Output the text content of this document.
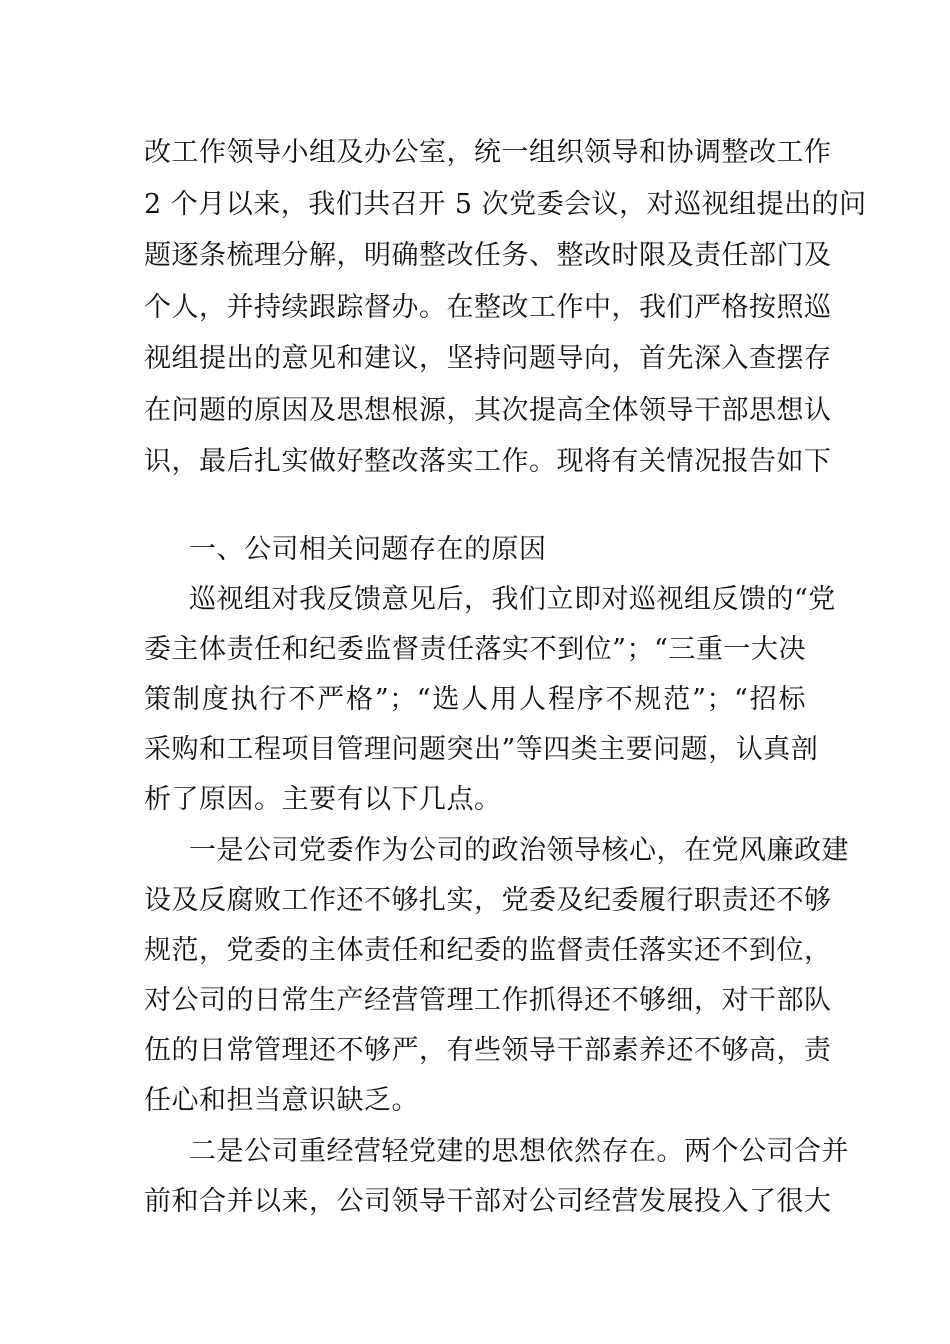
改工作领导小组及办公室，统一组织领导和协调整改工作
2 个月以来，我们共召开 5 次党委会议，对巡视组提出的问
题逐条梳理分解，明确整改任务、整改时限及责任部门及
个人，并持续跟踪督办。在整改工作中，我们严格按照巡
视组提出的意见和建议，坚持问题导向，首先深入查摆存
在问题的原因及思想根源，其次提高全体领导干部思想认
识，最后扎实做好整改落实工作。现将有关情况报告如下
一、公司相关问题存在的原因
巡视组对我反馈意见后，我们立即对巡视组反馈的“党
委主体责任和纪委监督责任落实不到位”；“三重一大决
策制度执行不严格”；“选人用人程序不规范”；“招标
采购和工程项目管理问题突出”等四类主要问题，认真剖
析了原因。主要有以下几点。
一是公司党委作为公司的政治领导核心，在党风廉政建
设及反腐败工作还不够扎实，党委及纪委履行职责还不够
规范，党委的主体责任和纪委的监督责任落实还不到位，
对公司的日常生产经营管理工作抓得还不够细，对干部队
伍的日常管理还不够严，有些领导干部素养还不够高，责
任心和担当意识缺乏。
二是公司重经营轻党建的思想依然存在。两个公司合并
前和合并以来，公司领导干部对公司经营发展投入了很大
